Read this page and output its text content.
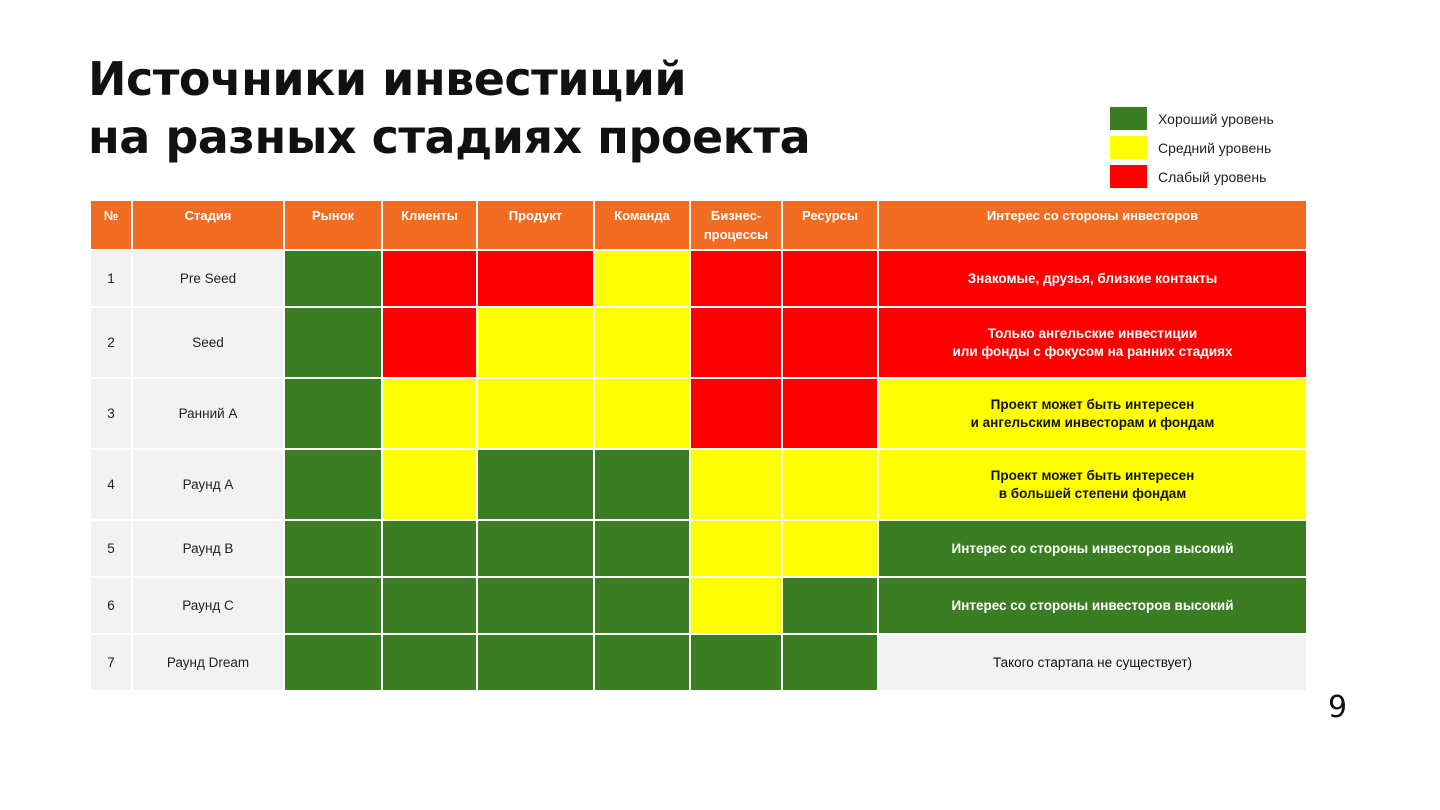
Источники инвестиций
на разных стадиях проекта	Хороший уровень
Средний уровень
Слабый уровень
№	Стадия	Рынок	Клиенты	Продукт	Команда	Бизнес-
процессы	Ресурсы	Интерес со стороны инвесторов
1	Pre Seed							Знакомые, друзья, близкие контакты
2	Seed							Только ангельские инвестиции
или фонды с фокусом на ранних стадиях
3	Ранний А							Проект может быть интересен
и ангельским инвесторам и фондам
4	Раунд А							Проект может быть интересен
в большей степени фондам
5	Раунд В							Интерес со стороны инвесторов высокий
6	Раунд С							Интерес со стороны инвесторов высокий
7	Раунд Dream							Такого стартапа не существует)
9
